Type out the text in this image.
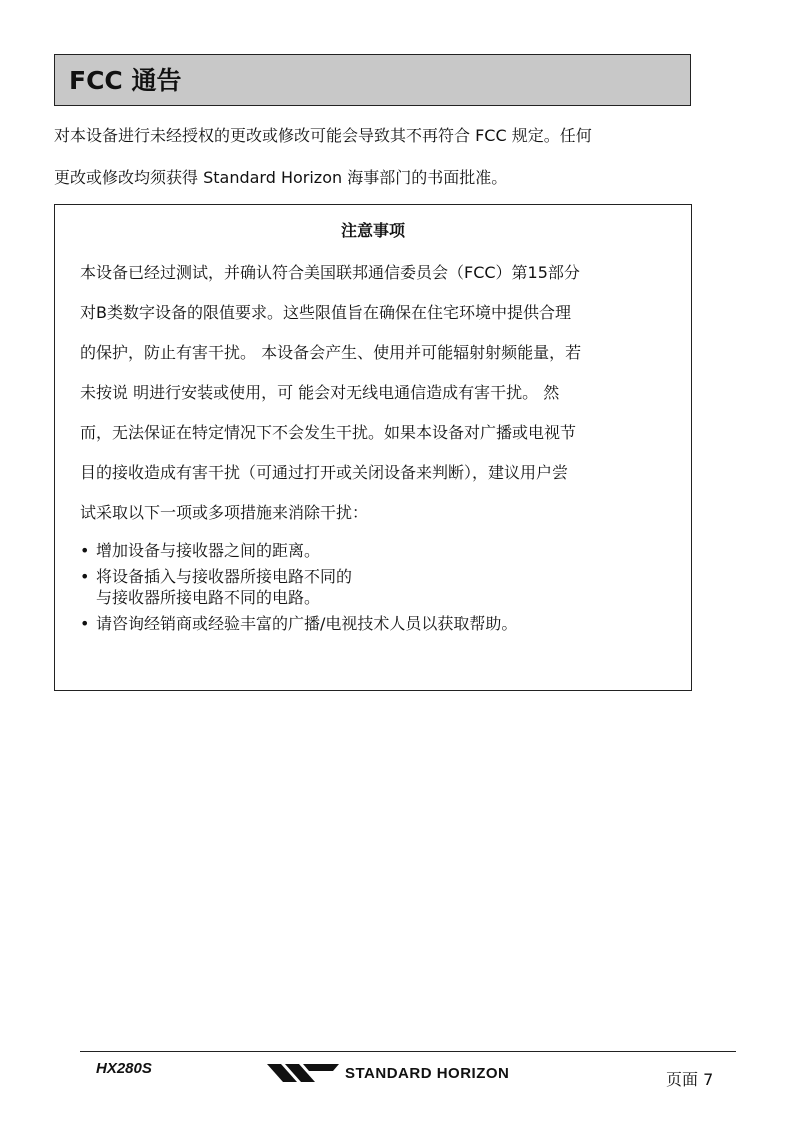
FCC 通告

对本设备进行未经授权的更改或修改可能会导致其不再符合 FCC 规定。任何
更改或修改均须获得 Standard Horizon 海事部门的书面批准。

注意事项
本设备已经过测试，并确认符合美国联邦通信委员会（FCC）第15部分
对B类数字设备的限值要求。这些限值旨在确保在住宅环境中提供合理
的保护，防止有害干扰。 本设备会产生、使用并可能辐射射频能量，若
未按说 明进行安装或使用，可 能会对无线电通信造成有害干扰。 然
而，无法保证在特定情况下不会发生干扰。如果本设备对广播或电视节
目的接收造成有害干扰（可通过打开或关闭设备来判断），建议用户尝
试采取以下一项或多项措施来消除干扰：
• 增加设备与接收器之间的距离。
• 将设备插入与接收器所接电路不同的
与接收器所接电路不同的电路。
• 请咨询经销商或经验丰富的广播/电视技术人员以获取帮助。
HX280S	STANDARD HORIZON	页面 7
